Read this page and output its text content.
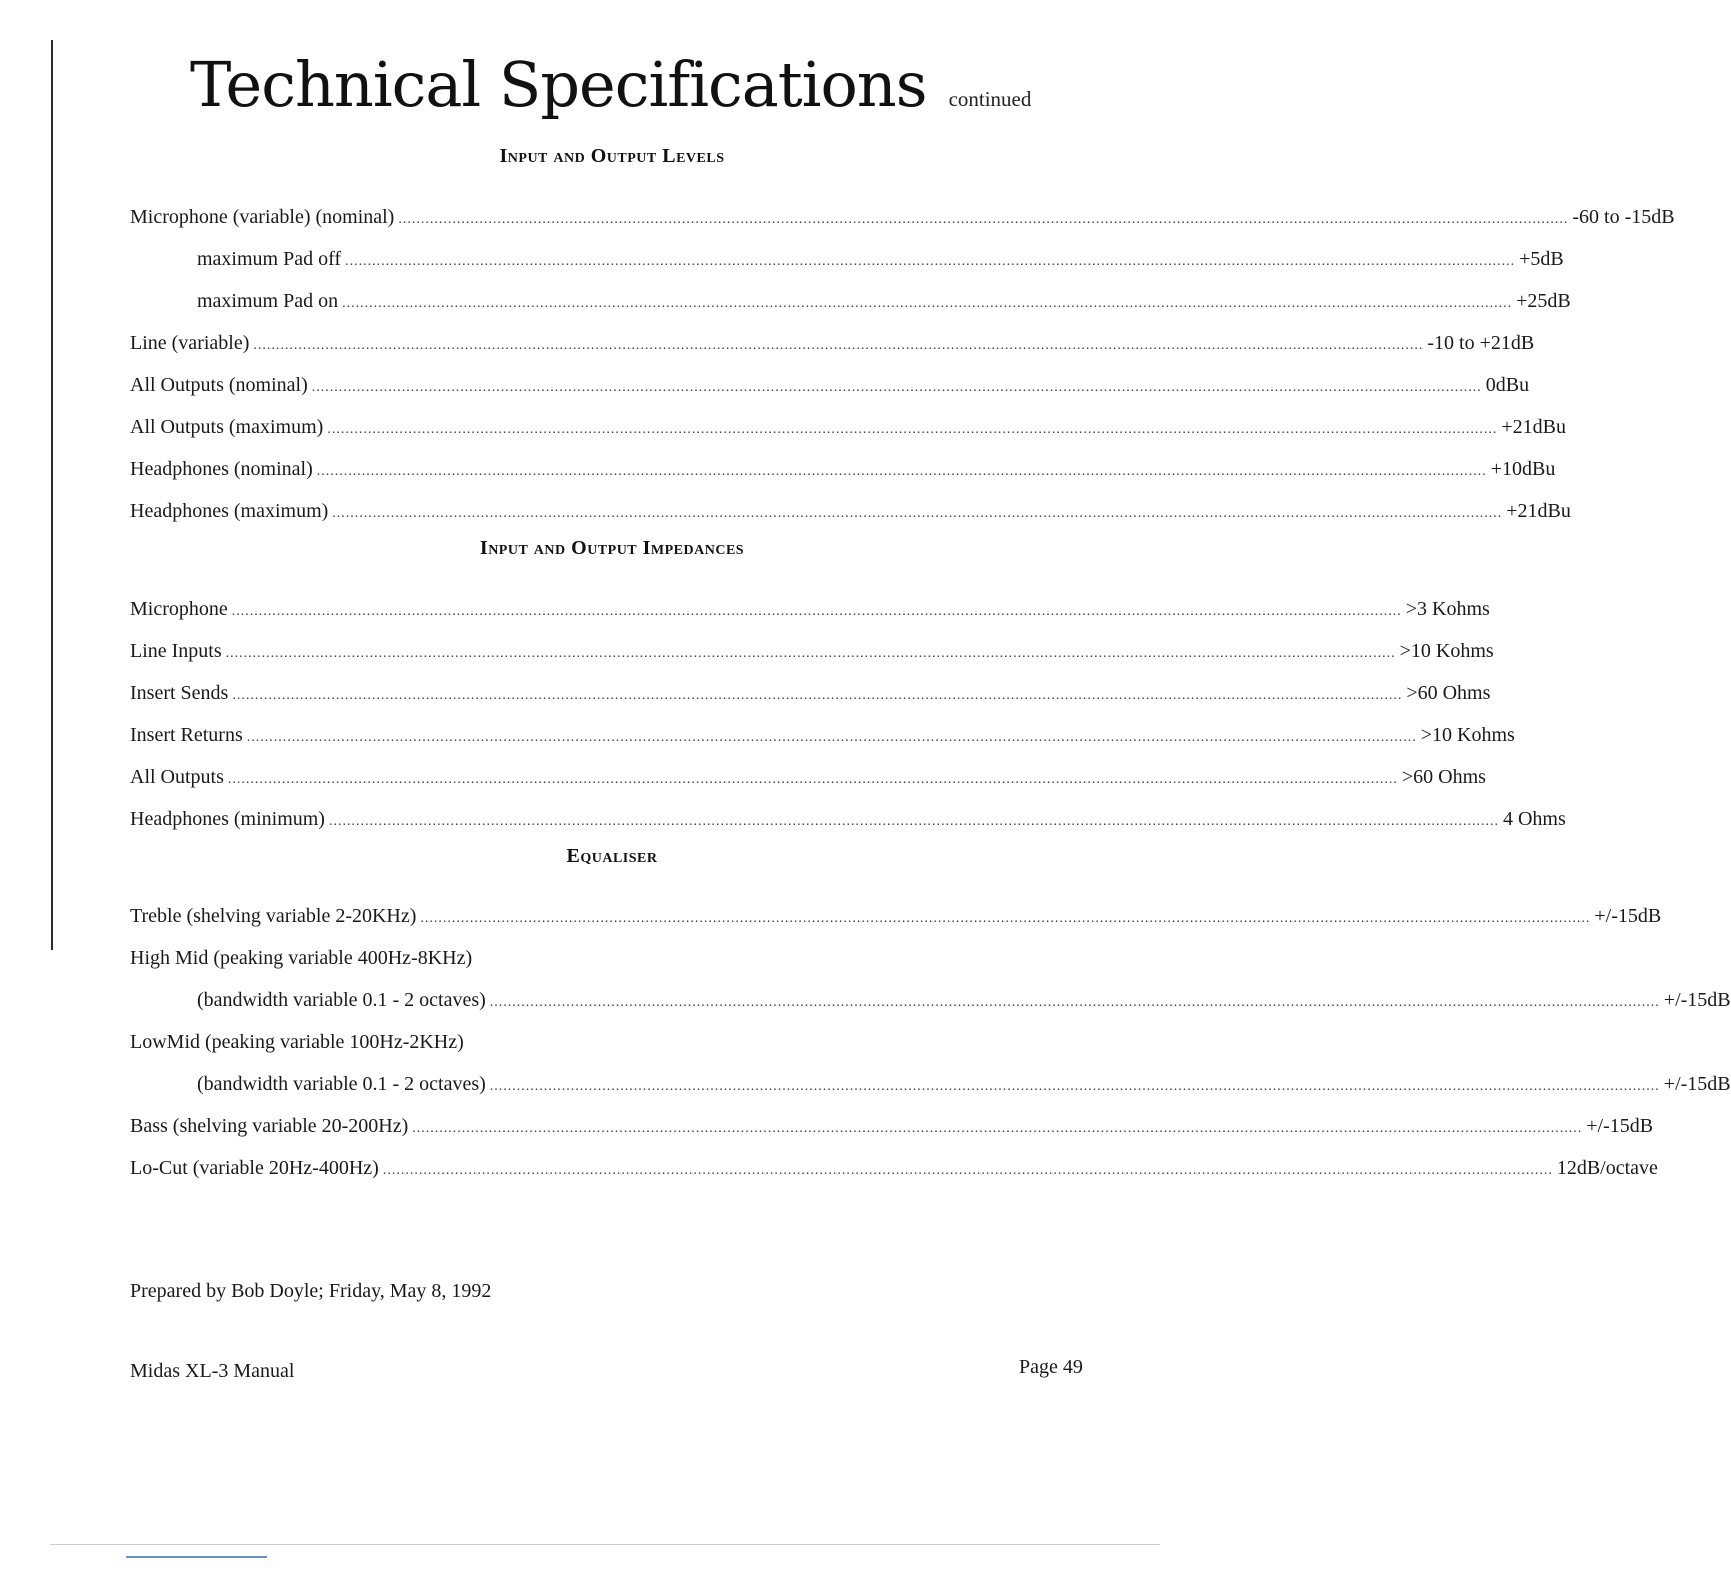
Technical Specifications continued
Input and Output Levels
Microphone (variable) (nominal) .................................................................................................................................................................................................................................................................... -60 to -15dB
maximum Pad off .................................................................................................................................................................................................................................................................... +5dB
maximum Pad on .................................................................................................................................................................................................................................................................... +25dB
Line (variable) .................................................................................................................................................................................................................................................................... -10 to +21dB
All Outputs (nominal) .................................................................................................................................................................................................................................................................... 0dBu
All Outputs (maximum) .................................................................................................................................................................................................................................................................... +21dBu
Headphones (nominal) .................................................................................................................................................................................................................................................................... +10dBu
Headphones (maximum) .................................................................................................................................................................................................................................................................... +21dBu
Input and Output Impedances
Microphone .................................................................................................................................................................................................................................................................... >3 Kohms
Line Inputs .................................................................................................................................................................................................................................................................... >10 Kohms
Insert Sends .................................................................................................................................................................................................................................................................... >60 Ohms
Insert Returns .................................................................................................................................................................................................................................................................... >10 Kohms
All Outputs .................................................................................................................................................................................................................................................................... >60 Ohms
Headphones (minimum) .................................................................................................................................................................................................................................................................... 4 Ohms
Equaliser
Treble (shelving variable 2-20KHz) .................................................................................................................................................................................................................................................................... +/-15dB
High Mid (peaking variable 400Hz-8KHz)
(bandwidth variable 0.1 - 2 octaves) .................................................................................................................................................................................................................................................................... +/-15dB
LowMid (peaking variable 100Hz-2KHz)
(bandwidth variable 0.1 - 2 octaves) .................................................................................................................................................................................................................................................................... +/-15dB
Bass (shelving variable 20-200Hz) .................................................................................................................................................................................................................................................................... +/-15dB
Lo-Cut (variable 20Hz-400Hz) .................................................................................................................................................................................................................................................................... 12dB/octave
Prepared by Bob Doyle; Friday, May 8, 1992
Midas XL-3 Manual	Page 49
